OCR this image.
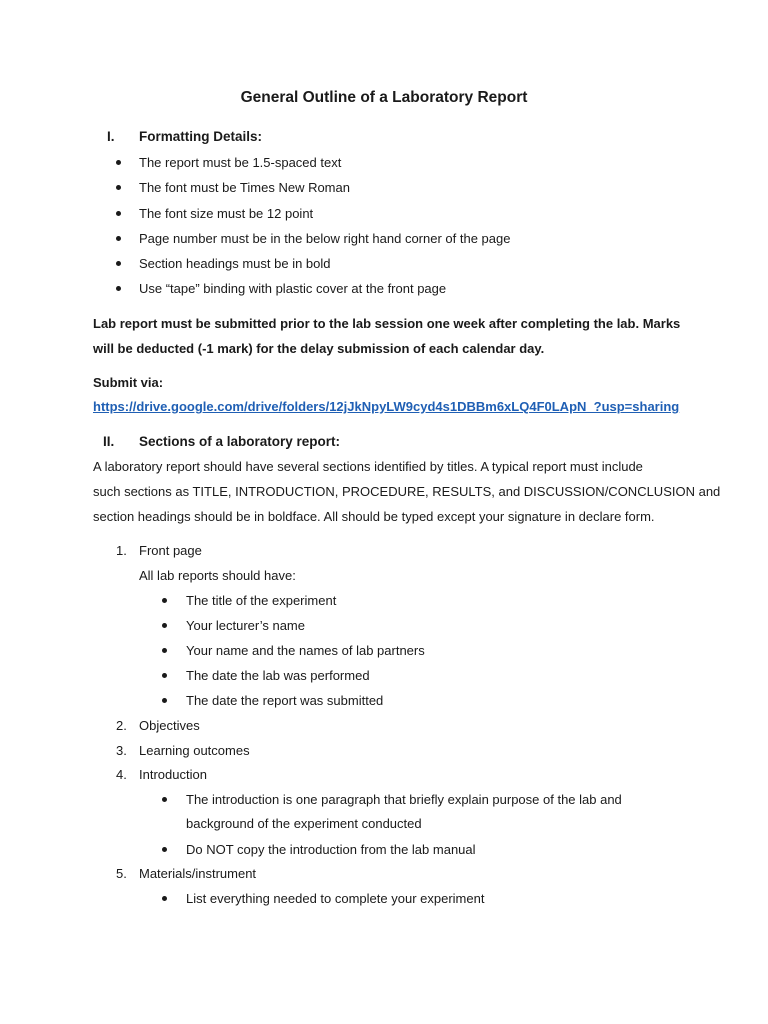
General Outline of a Laboratory Report
I. Formatting Details:
The report must be 1.5-spaced text
The font must be Times New Roman
The font size must be 12 point
Page number must be in the below right hand corner of the page
Section headings must be in bold
Use “tape” binding with plastic cover at the front page
Lab report must be submitted prior to the lab session one week after completing the lab. Marks
will be deducted (-1 mark) for the delay submission of each calendar day.
Submit via:
https://drive.google.com/drive/folders/12jJkNpyLW9cyd4s1DBBm6xLQ4F0LApN_?usp=sharing
II. Sections of a laboratory report:
A laboratory report should have several sections identified by titles. A typical report must include
such sections as TITLE, INTRODUCTION, PROCEDURE, RESULTS, and DISCUSSION/CONCLUSION and
section headings should be in boldface. All should be typed except your signature in declare form.
1. Front page
All lab reports should have:
The title of the experiment
Your lecturer’s name
Your name and the names of lab partners
The date the lab was performed
The date the report was submitted
2. Objectives
3. Learning outcomes
4. Introduction
The introduction is one paragraph that briefly explain purpose of the lab and
background of the experiment conducted
Do NOT copy the introduction from the lab manual
5. Materials/instrument
List everything needed to complete your experiment
